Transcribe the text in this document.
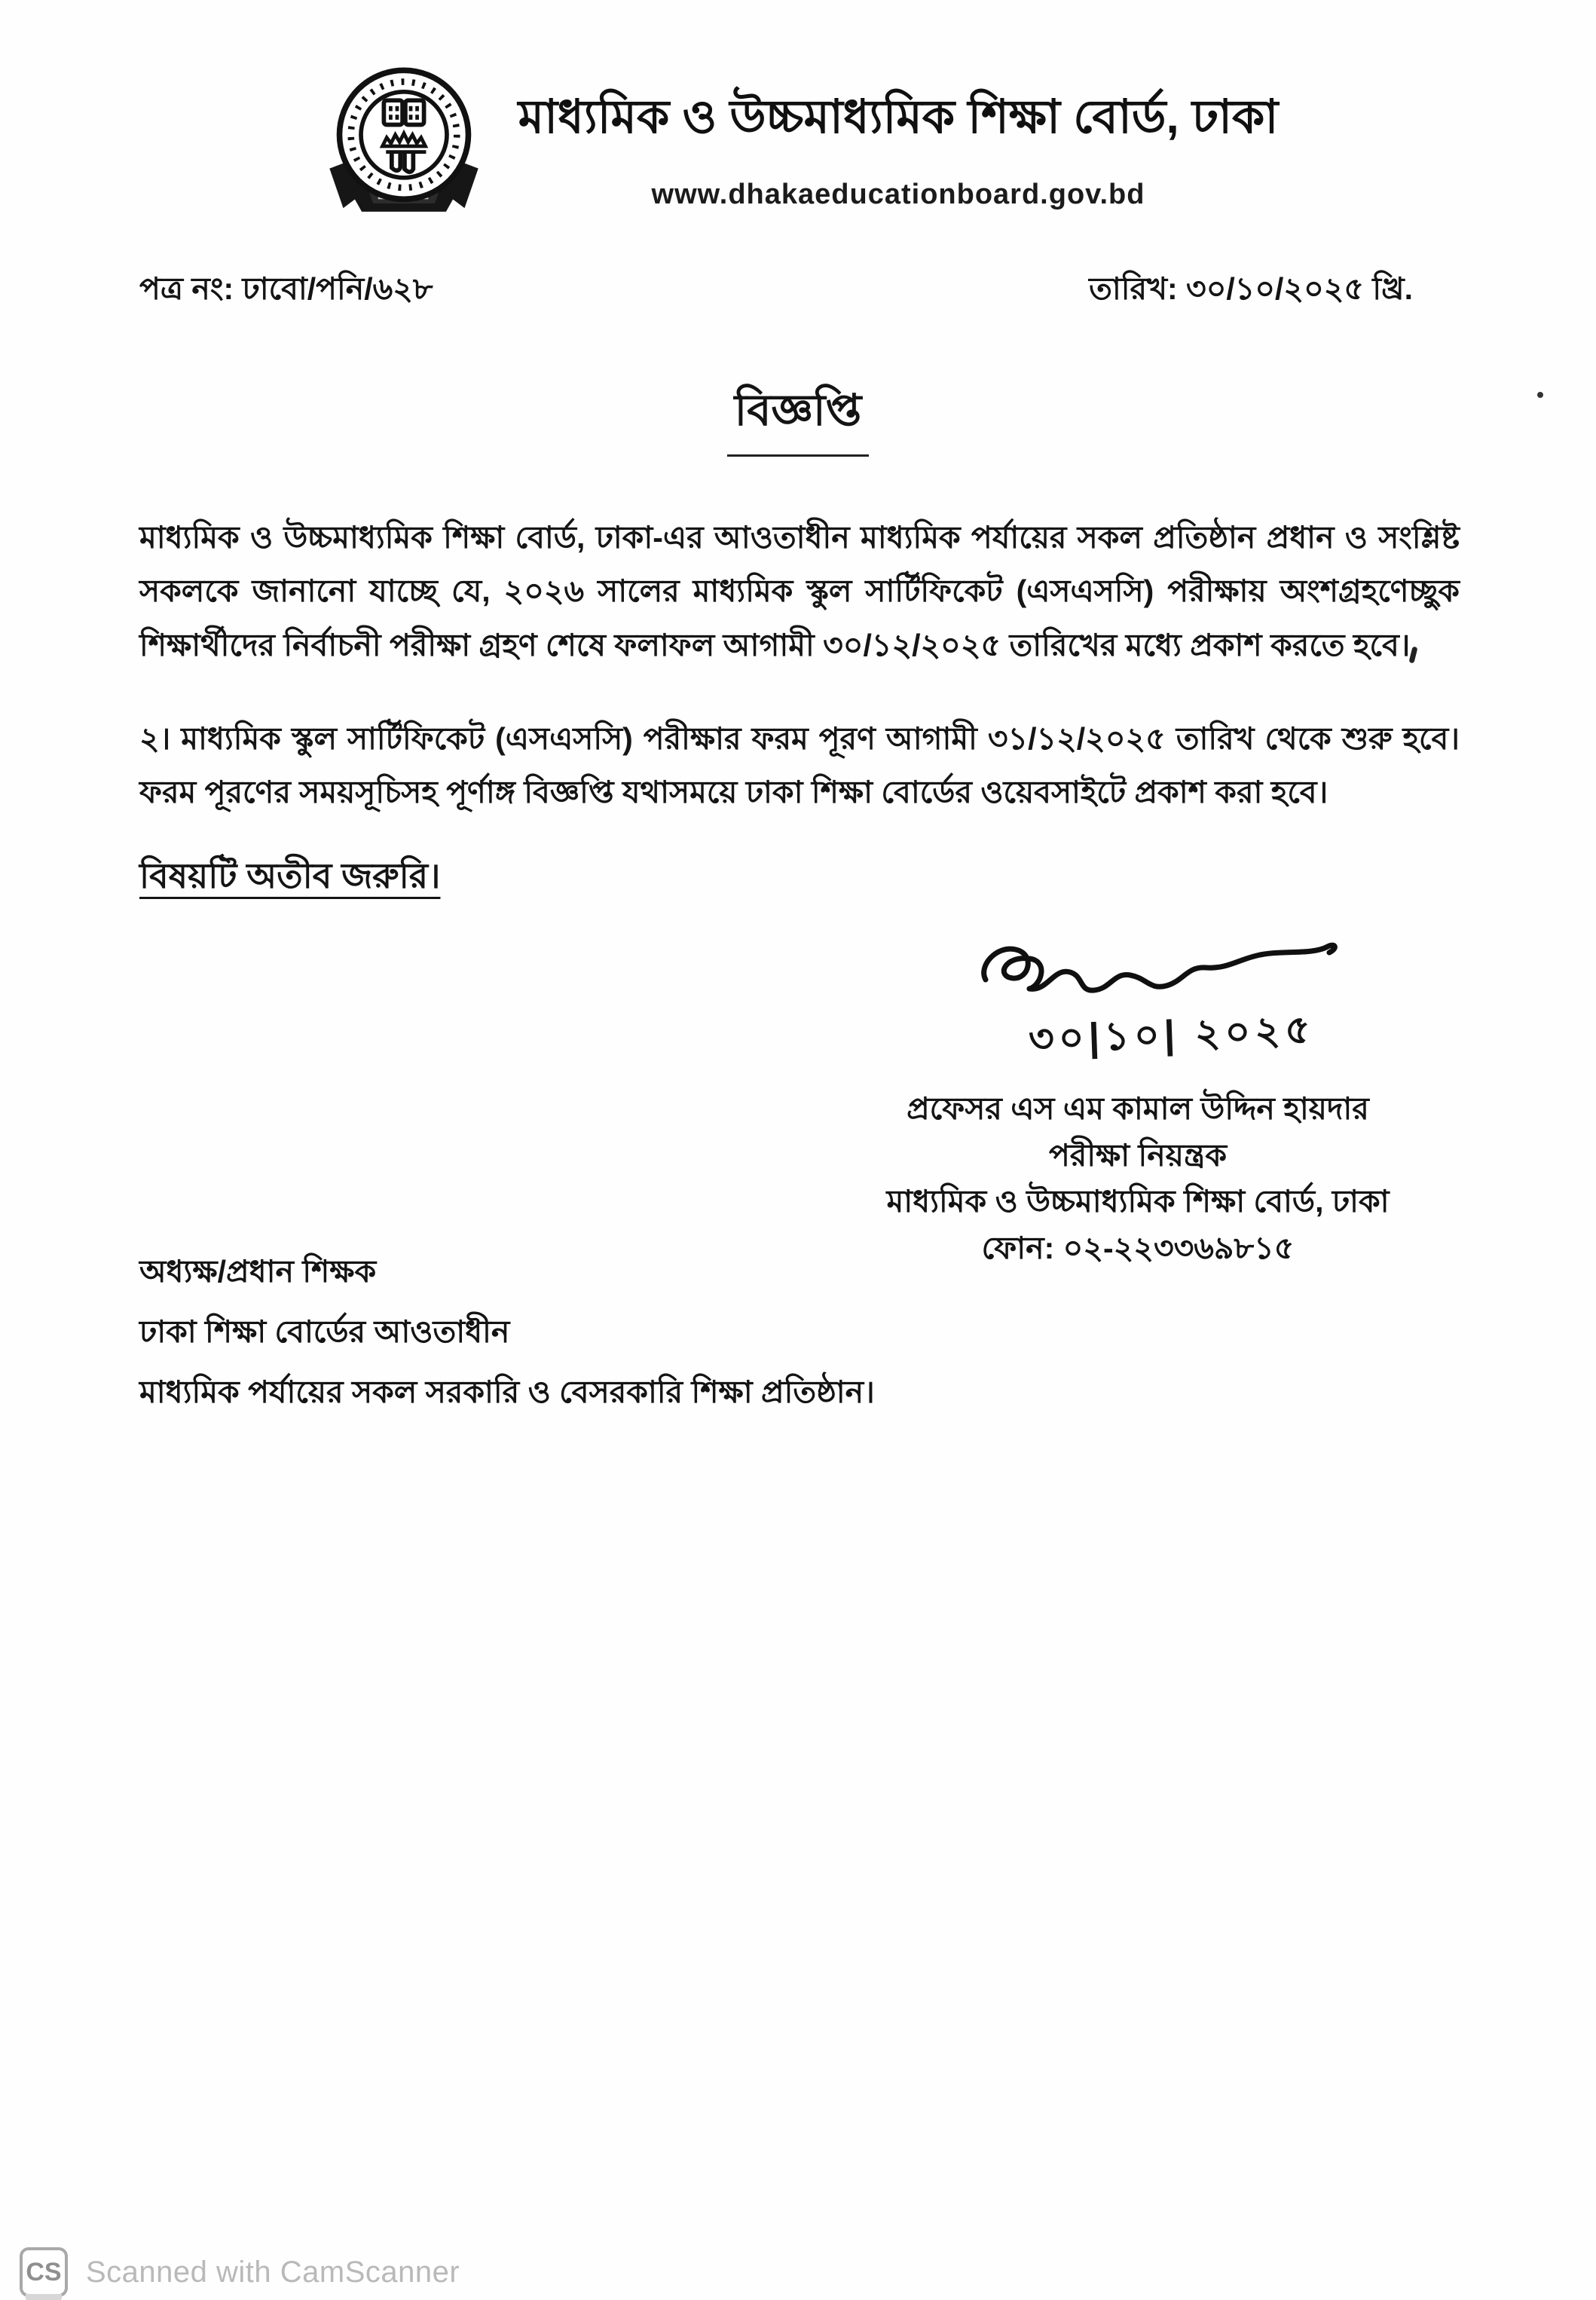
মাধ্যমিক ও উচ্চমাধ্যমিক শিক্ষা বোর্ড, ঢাকা
www.dhakaeducationboard.gov.bd
পত্র নং: ঢাবো/পনি/৬২৮	তারিখ: ৩০/১০/২০২৫ খ্রি.
বিজ্ঞপ্তি
মাধ্যমিক ও উচ্চমাধ্যমিক শিক্ষা বোর্ড, ঢাকা-এর আওতাধীন মাধ্যমিক পর্যায়ের সকল প্রতিষ্ঠান প্রধান ও সংশ্লিষ্ট সকলকে জানানো যাচ্ছে যে, ২০২৬ সালের মাধ্যমিক স্কুল সার্টিফিকেট (এসএসসি) পরীক্ষায় অংশগ্রহণেচ্ছুক শিক্ষার্থীদের নির্বাচনী পরীক্ষা গ্রহণ শেষে ফলাফল আগামী ৩০/১২/২০২৫ তারিখের মধ্যে প্রকাশ করতে হবে।
২। মাধ্যমিক স্কুল সার্টিফিকেট (এসএসসি) পরীক্ষার ফরম পূরণ আগামী ৩১/১২/২০২৫ তারিখ থেকে শুরু হবে। ফরম পূরণের সময়সূচিসহ পূর্ণাঙ্গ বিজ্ঞপ্তি যথাসময়ে ঢাকা শিক্ষা বোর্ডের ওয়েবসাইটে প্রকাশ করা হবে।
বিষয়টি অতীব জরুরি।
৩০|১০| ২০২৫
প্রফেসর এস এম কামাল উদ্দিন হায়দার
পরীক্ষা নিয়ন্ত্রক
মাধ্যমিক ও উচ্চমাধ্যমিক শিক্ষা বোর্ড, ঢাকা
ফোন: ০২-২২৩৩৬৯৮১৫
অধ্যক্ষ/প্রধান শিক্ষক
ঢাকা শিক্ষা বোর্ডের আওতাধীন
মাধ্যমিক পর্যায়ের সকল সরকারি ও বেসরকারি শিক্ষা প্রতিষ্ঠান।
CS Scanned with CamScanner
